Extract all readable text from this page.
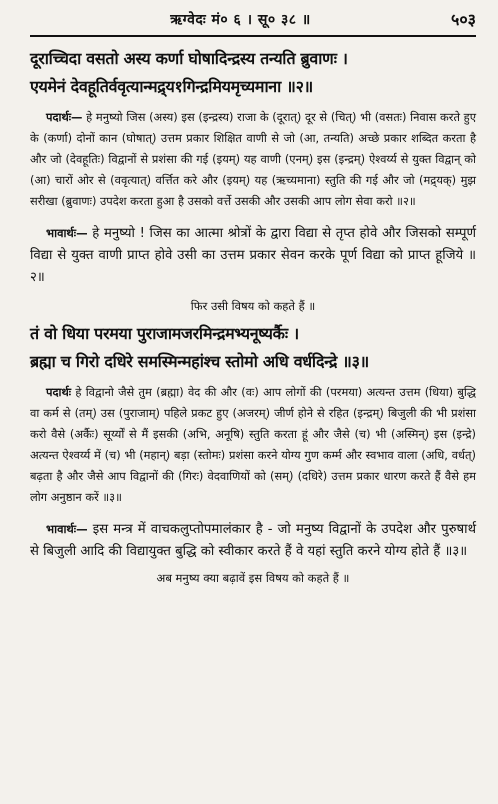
ऋग्वेदः मं० ६ । सू० ३८ ॥	५०३
दूराच्चिदा वसतो अस्य कर्णा घोषादिन्द्रस्य तन्यति ब्रुवाणः ।
एयमेनं देवहूतिर्ववृत्यान्मद्र्य१गिन्द्रमियमृच्यमाना ॥२॥

पदार्थः— हे मनुष्यो जिस (अस्य) इस (इन्द्रस्य) राजा के (दूरात्) दूर से (चित्) भी (वसतः) निवास करते हुए के (कर्णा) दोनों कान (घोषात्) उत्तम प्रकार शिक्षित वाणी से जो (आ, तन्यति) अच्छे प्रकार शब्दित करता है और जो (देवहूतिः) विद्वानों से प्रशंसा की गई (इयम्) यह वाणी (एनम्) इस (इन्द्रम्) ऐश्वर्य्य से युक्त विद्वान् को (आ) चारों ओर से (ववृत्यात्) वर्त्तित करे और (इयम्) यह (ऋच्यमाना) स्तुति की गई और जो (मद्र्यक्) मुझ सरीखा (ब्रुवाणः) उपदेश करता हुआ है उसको वर्त्ते उसकी और उसकी आप लोग सेवा करो ॥२॥

भावार्थः— हे मनुष्यो ! जिस का आत्मा श्रोत्रों के द्वारा विद्या से तृप्त होवे और जिसको सम्पूर्ण विद्या से युक्त वाणी प्राप्त होवे उसी का उत्तम प्रकार सेवन करके पूर्ण विद्या को प्राप्त हूजिये ॥२॥

फिर उसी विषय को कहते हैं ॥
तं वो धिया परमया पुराजामजरमिन्द्रमभ्यनूष्यर्कैः ।
ब्रह्मा च गिरो दधिरे समस्मिन्महांश्च स्तोमो अधि वर्धदिन्द्रे ॥३॥

पदार्थः हे विद्वानो जैसे तुम (ब्रह्मा) वेद की और (वः) आप लोगों की (परमया) अत्यन्त उत्तम (धिया) बुद्धि वा कर्म से (तम्) उस (पुराजाम्) पहिले प्रकट हुए (अजरम्) जीर्ण होने से रहित (इन्द्रम्) बिजुली की भी प्रशंसा करो वैसे (अर्कैः) सूर्य्यों से मैं इसकी (अभि, अनूषि) स्तुति करता हूं और जैसे (च) भी (अस्मिन्) इस (इन्द्रे) अत्यन्त ऐश्वर्य्य में (च) भी (महान्) बड़ा (स्तोमः) प्रशंसा करने योग्य गुण कर्म्म और स्वभाव वाला (अधि, वर्धत्) बढ़ता है और जैसे आप विद्वानों की (गिरः) वेदवाणियों को (सम्) (दधिरे) उत्तम प्रकार धारण करते हैं वैसे हम लोग अनुष्ठान करें ॥३॥

भावार्थः— इस मन्त्र में वाचकलुप्तोपमालंकार है - जो मनुष्य विद्वानों के उपदेश और पुरुषार्थ से बिजुली आदि की विद्यायुक्त बुद्धि को स्वीकार करते हैं वे यहां स्तुति करने योग्य होते हैं ॥३॥

अब मनुष्य क्या बढ़ावें इस विषय को कहते हैं ॥
